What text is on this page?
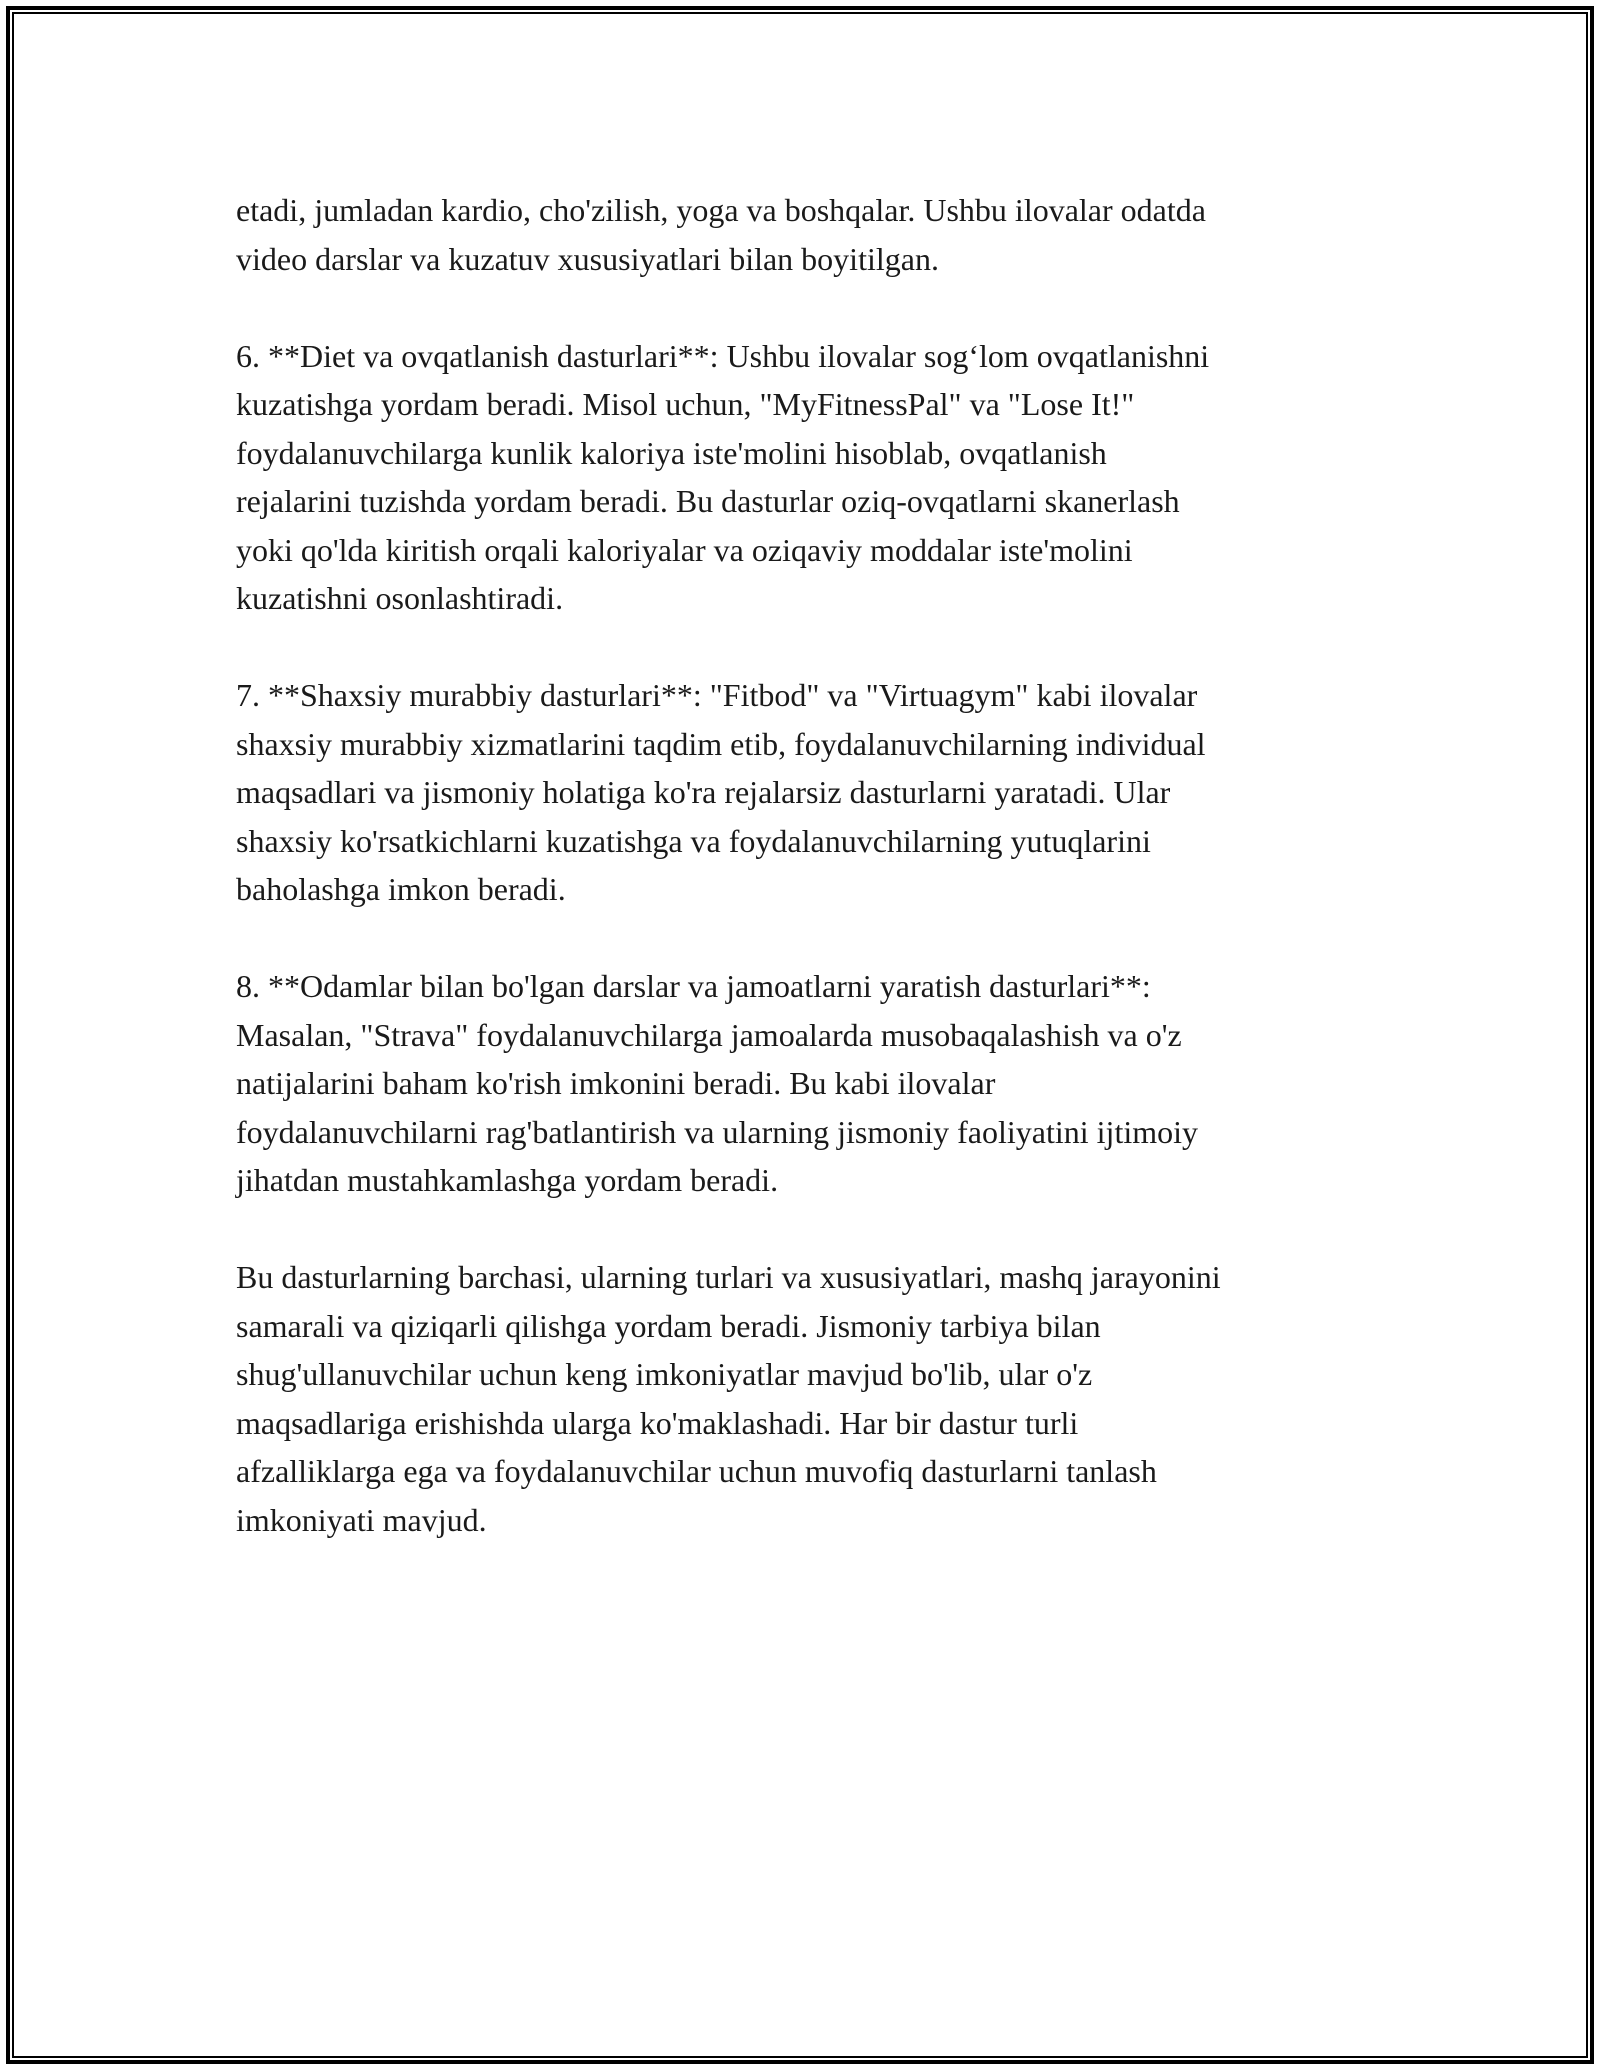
etadi, jumladan kardio, cho'zilish, yoga va boshqalar. Ushbu ilovalar odatda
video darslar va kuzatuv xususiyatlari bilan boyitilgan.

6. **Diet va ovqatlanish dasturlari**: Ushbu ilovalar sog‘lom ovqatlanishni
kuzatishga yordam beradi. Misol uchun, "MyFitnessPal" va "Lose It!"
foydalanuvchilarga kunlik kaloriya iste'molini hisoblab, ovqatlanish
rejalarini tuzishda yordam beradi. Bu dasturlar oziq-ovqatlarni skanerlash
yoki qo'lda kiritish orqali kaloriyalar va oziqaviy moddalar iste'molini
kuzatishni osonlashtiradi.

7. **Shaxsiy murabbiy dasturlari**: "Fitbod" va "Virtuagym" kabi ilovalar
shaxsiy murabbiy xizmatlarini taqdim etib, foydalanuvchilarning individual
maqsadlari va jismoniy holatiga ko'ra rejalarsiz dasturlarni yaratadi. Ular
shaxsiy ko'rsatkichlarni kuzatishga va foydalanuvchilarning yutuqlarini
baholashga imkon beradi.

8. **Odamlar bilan bo'lgan darslar va jamoatlarni yaratish dasturlari**:
Masalan, "Strava" foydalanuvchilarga jamoalarda musobaqalashish va o'z
natijalarini baham ko'rish imkonini beradi. Bu kabi ilovalar
foydalanuvchilarni rag'batlantirish va ularning jismoniy faoliyatini ijtimoiy
jihatdan mustahkamlashga yordam beradi.

Bu dasturlarning barchasi, ularning turlari va xususiyatlari, mashq jarayonini
samarali va qiziqarli qilishga yordam beradi. Jismoniy tarbiya bilan
shug'ullanuvchilar uchun keng imkoniyatlar mavjud bo'lib, ular o'z
maqsadlariga erishishda ularga ko'maklashadi. Har bir dastur turli
afzalliklarga ega va foydalanuvchilar uchun muvofiq dasturlarni tanlash
imkoniyati mavjud.
